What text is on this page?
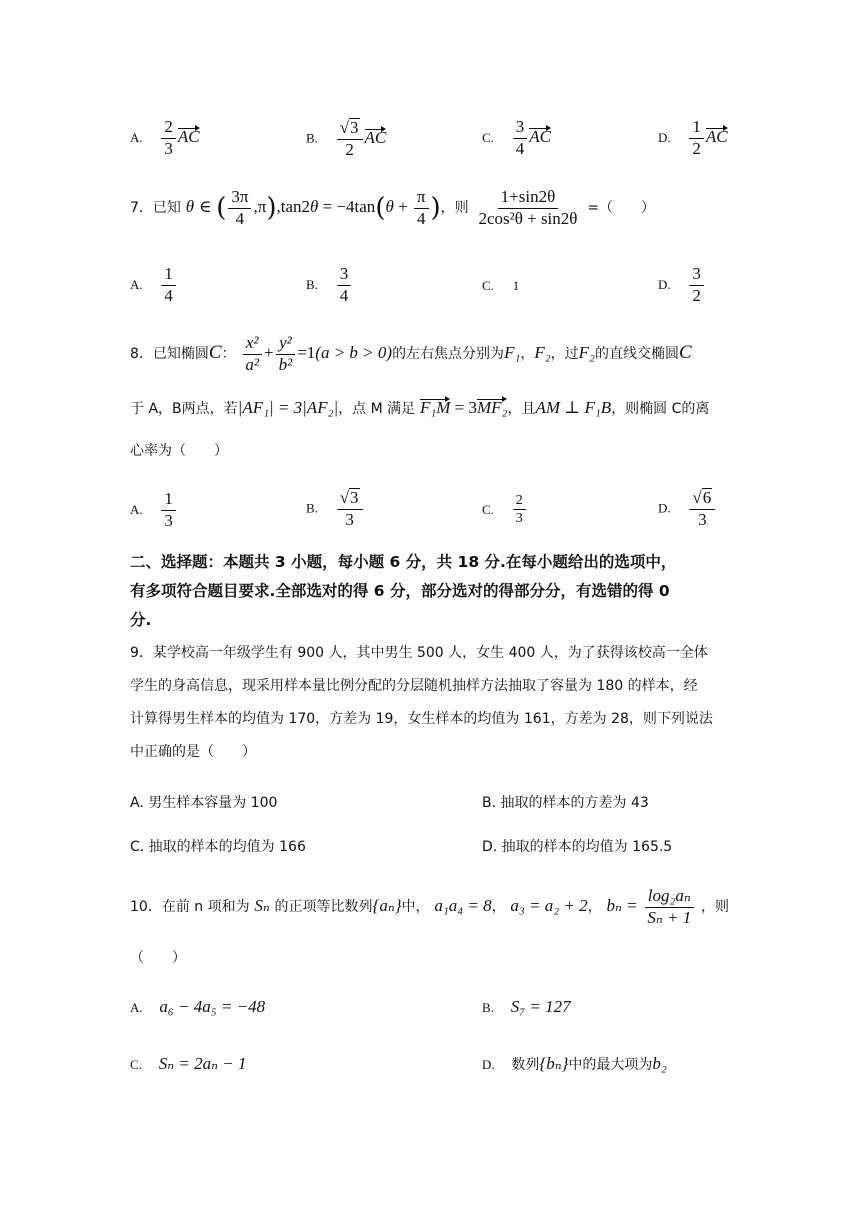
A. $\frac{2}{3}$ AC	B. $\frac{√3}{2}$ AC	C. $\frac{3}{4}$ AC	D. $\frac{1}{2}$ AC
7．已知 θ ∈ ( $\frac{3\pi}{4} ,\pi),\tan 2\theta = -4\tan(\theta + \frac{\pi}{4}$ )，则 $\frac{1+\sin 2\theta}{\text{2cos²θ + sin2θ}}$ =（　　）
A. $\frac{1}{4}$	B. $\frac{3}{4}$	C. 1	D. $\frac{3}{2}$
8．已知椭圆C： $\frac{\text{x²}}{\text{a²}} + \frac{\text{y²}}{\text{b²}} =1(a > b > 0)$的左右焦点分别为F₁，F₂，过F₂的直线交椭圆C
于 A，B两点，若|AF₁| = 3|AF₂|，点 M 满足 F₁M = 3MF₂，且AM ⊥ F₁B，则椭圆 C的离
心率为（　　）
A. $\frac{1}{3}$	B. $\frac{√3}{3}$	C. $\frac{2}{3}$	D. $\frac{√6}{3}$
二、选择题：本题共 3 小题，每小题 6 分，共 18 分.在每小题给出的选项中，
有多项符合题目要求.全部选对的得 6 分，部分选对的得部分分，有选错的得 0
分.
9．某学校高一年级学生有 900 人，其中男生 500 人，女生 400 人，为了获得该校高一全体
学生的身高信息，现采用样本量比例分配的分层随机抽样方法抽取了容量为 180 的样本，经
计算得男生样本的均值为 170，方差为 19，女生样本的均值为 161，方差为 28，则下列说法
中正确的是（　　）
A. 男生样本容量为 100	B. 抽取的样本的方差为 43
C. 抽取的样本的均值为 166	D. 抽取的样本的均值为 165.5
10．在前 n 项和为 Sₙ 的正项等比数列{aₙ}中， a₁a₄ = 8， a₃ = a₂ + 2， $b_n = \frac{\text{log₂aₙ}}{\text{Sₙ + 1}}$ ，则
（　　）
A. a₆ − 4a₅ = −48	B. S₇ = 127
C. Sₙ = 2aₙ − 1	D. 数列{bₙ}中的最大项为b₂
